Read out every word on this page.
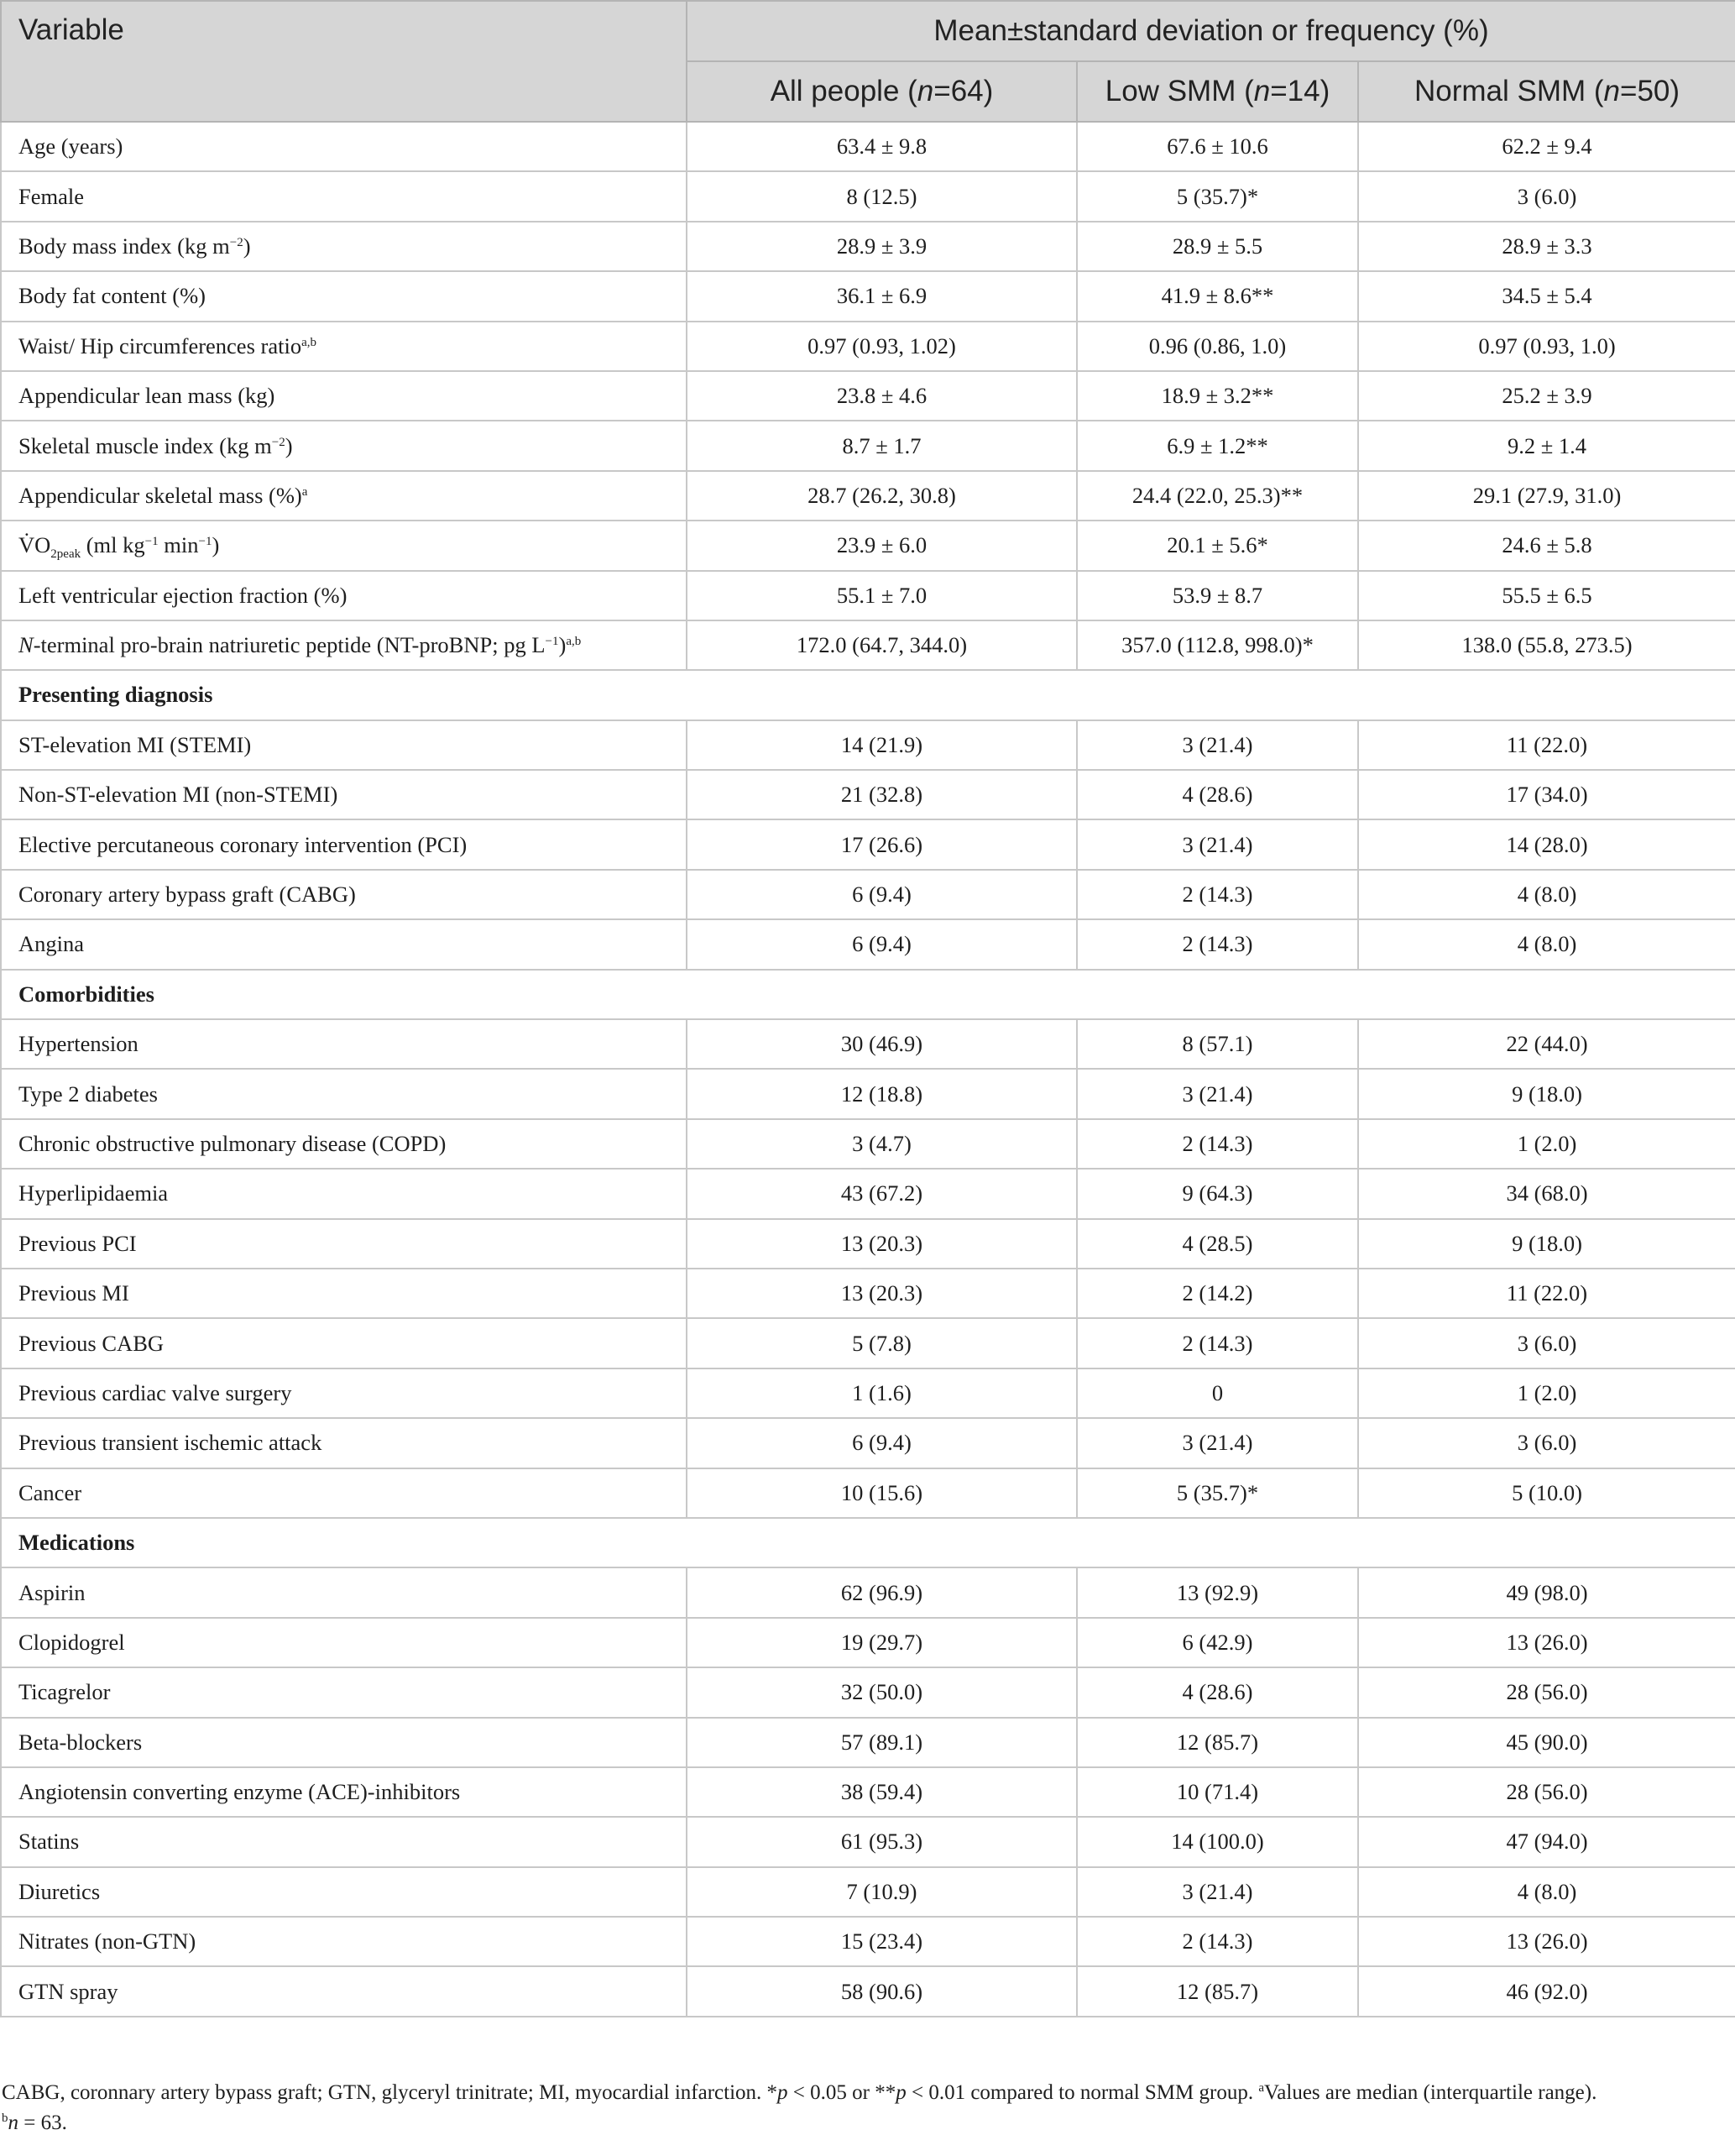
Variable	Mean±standard deviation or frequency (%)		
	All people (n=64)	Low SMM (n=14)	Normal SMM (n=50)
Age (years)	63.4 ± 9.8	67.6 ± 10.6	62.2 ± 9.4
Female	8 (12.5)	5 (35.7)*	3 (6.0)
Body mass index (kg $m^{-2}$)	28.9 ± 3.9	28.9 ± 5.5	28.9 ± 3.3
Body fat content (%)	36.1 ± 6.9	41.9 ± 8.6**	34.5 ± 5.4
Waist/ Hip circumferences ratio$^{a,b}$	0.97 (0.93, 1.02)	0.96 (0.86, 1.0)	0.97 (0.93, 1.0)
Appendicular lean mass (kg)	23.8 ± 4.6	18.9 ± 3.2**	25.2 ± 3.9
Skeletal muscle index (kg $m^{-2}$)	8.7 ± 1.7	6.9 ± 1.2**	9.2 ± 1.4
Appendicular skeletal mass (%)$^a$	28.7 (26.2, 30.8)	24.4 (22.0, 25.3)**	29.1 (27.9, 31.0)
$V̇O_{2peak}$ (ml $kg^{-1}$ $\min^{-1}$)	23.9 ± 6.0	20.1 ± 5.6*	24.6 ± 5.8
Left ventricular ejection fraction (%)	55.1 ± 7.0	53.9 ± 8.7	55.5 ± 6.5
N-terminal pro-brain natriuretic peptide (NT-proBNP; pg $L^{-1})^{a,b}$	172.0 (64.7, 344.0)	357.0 (112.8, 998.0)*	138.0 (55.8, 273.5)
Presenting diagnosis			
ST-elevation MI (STEMI)	14 (21.9)	3 (21.4)	11 (22.0)
Non-ST-elevation MI (non-STEMI)	21 (32.8)	4 (28.6)	17 (34.0)
Elective percutaneous coronary intervention (PCI)	17 (26.6)	3 (21.4)	14 (28.0)
Coronary artery bypass graft (CABG)	6 (9.4)	2 (14.3)	4 (8.0)
Angina	6 (9.4)	2 (14.3)	4 (8.0)
Comorbidities			
Hypertension	30 (46.9)	8 (57.1)	22 (44.0)
Type 2 diabetes	12 (18.8)	3 (21.4)	9 (18.0)
Chronic obstructive pulmonary disease (COPD)	3 (4.7)	2 (14.3)	1 (2.0)
Hyperlipidaemia	43 (67.2)	9 (64.3)	34 (68.0)
Previous PCI	13 (20.3)	4 (28.5)	9 (18.0)
Previous MI	13 (20.3)	2 (14.2)	11 (22.0)
Previous CABG	5 (7.8)	2 (14.3)	3 (6.0)
Previous cardiac valve surgery	1 (1.6)	0	1 (2.0)
Previous transient ischemic attack	6 (9.4)	3 (21.4)	3 (6.0)
Cancer	10 (15.6)	5 (35.7)*	5 (10.0)
Medications			
Aspirin	62 (96.9)	13 (92.9)	49 (98.0)
Clopidogrel	19 (29.7)	6 (42.9)	13 (26.0)
Ticagrelor	32 (50.0)	4 (28.6)	28 (56.0)
Beta-blockers	57 (89.1)	12 (85.7)	45 (90.0)
Angiotensin converting enzyme (ACE)-inhibitors	38 (59.4)	10 (71.4)	28 (56.0)
Statins	61 (95.3)	14 (100.0)	47 (94.0)
Diuretics	7 (10.9)	3 (21.4)	4 (8.0)
Nitrates (non-GTN)	15 (23.4)	2 (14.3)	13 (26.0)
GTN spray	58 (90.6)	12 (85.7)	46 (92.0)
CABG, coronnary artery bypass graft; GTN, glyceryl trinitrate; MI, myocardial infarction. *p < 0.05 or **p < 0.01 compared to normal SMM group. $^a$Values are median (interquartile range).
$^b$n = 63.
